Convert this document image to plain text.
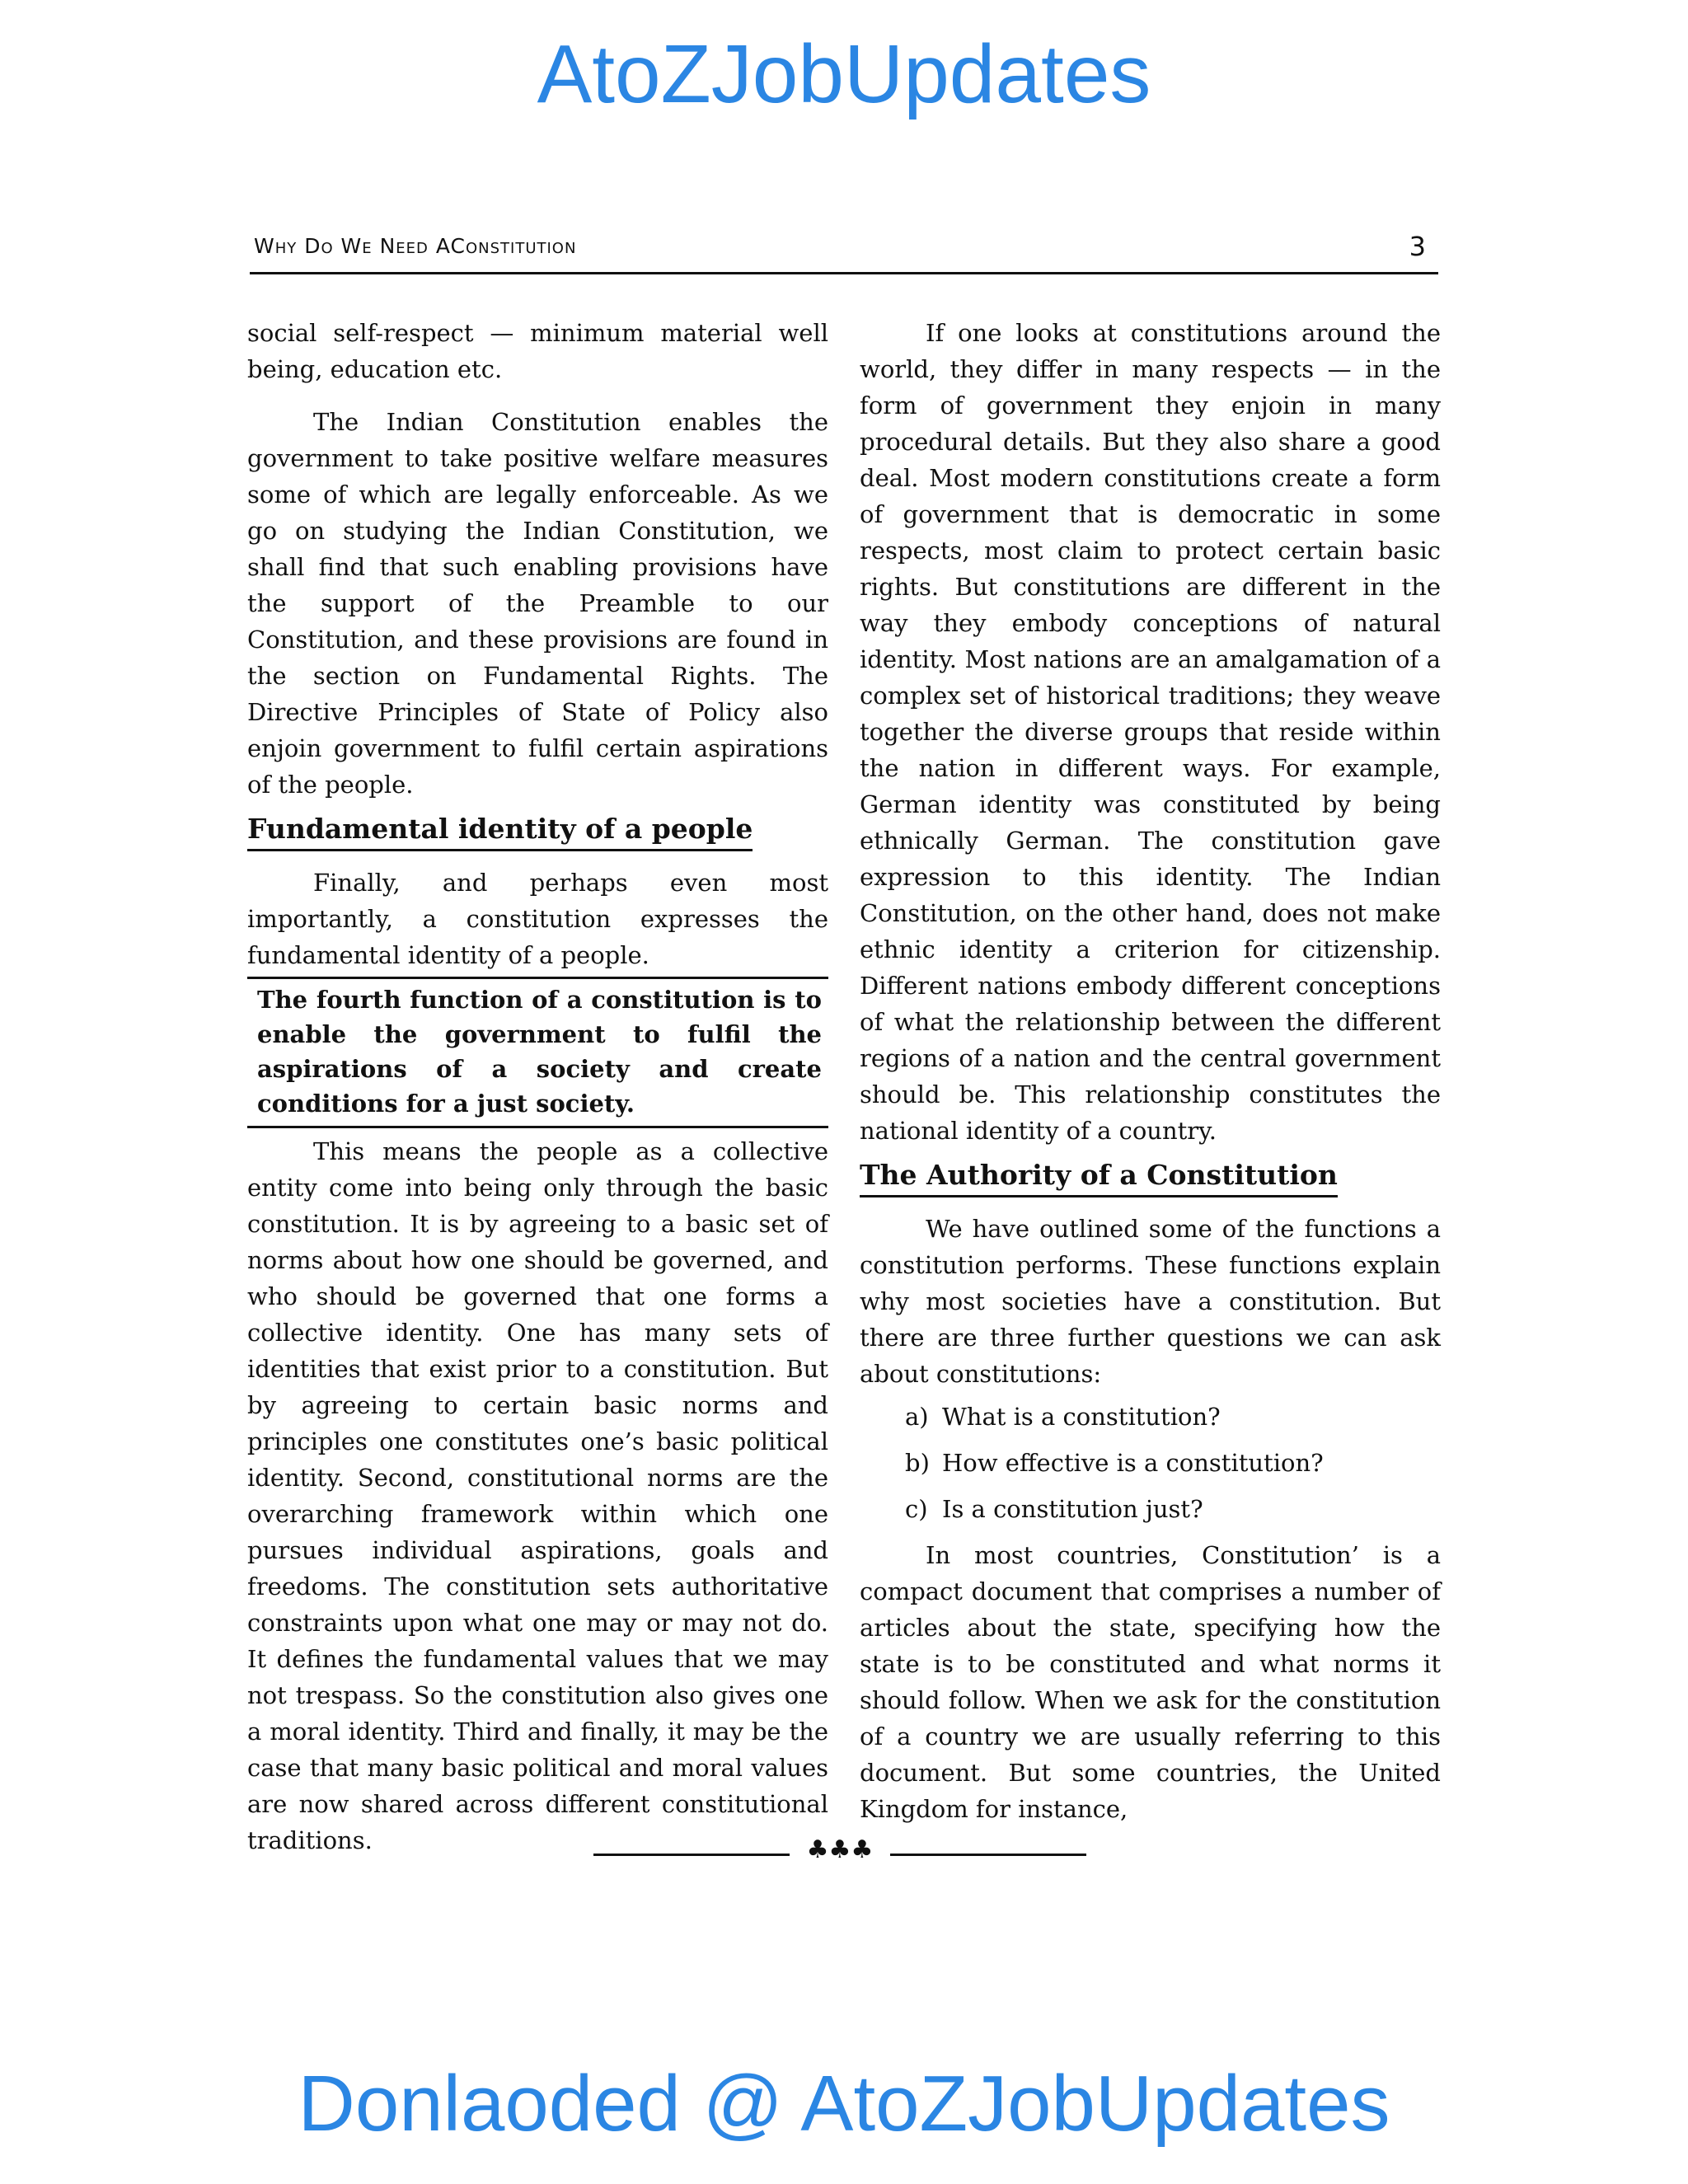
AtoZJobUpdates
Why Do We Need AConstitution	3

social self-respect — minimum material well being, education etc.

The Indian Constitution enables the government to take positive welfare measures some of which are legally enforceable. As we go on studying the Indian Constitution, we shall find that such enabling provisions have the support of the Preamble to our Constitution, and these provisions are found in the section on Fundamental Rights. The Directive Principles of State of Policy also enjoin government to fulfil certain aspirations of the people.

Fundamental identity of a people

Finally, and perhaps even most importantly, a constitution expresses the fundamental identity of a people.

The fourth function of a constitution is to enable the government to fulfil the aspirations of a society and create conditions for a just society.

This means the people as a collective entity come into being only through the basic constitution. It is by agreeing to a basic set of norms about how one should be governed, and who should be governed that one forms a collective identity. One has many sets of identities that exist prior to a constitution. But by agreeing to certain basic norms and principles one constitutes one’s basic political identity. Second, constitutional norms are the overarching framework within which one pursues individual aspirations, goals and freedoms. The constitution sets authoritative constraints upon what one may or may not do. It defines the fundamental values that we may not trespass. So the constitution also gives one a moral identity. Third and finally, it may be the case that many basic political and moral values are now shared across different constitutional traditions.

If one looks at constitutions around the world, they differ in many respects — in the form of government they enjoin in many procedural details. But they also share a good deal. Most modern constitutions create a form of government that is democratic in some respects, most claim to protect certain basic rights. But constitutions are different in the way they embody conceptions of natural identity. Most nations are an amalgamation of a complex set of historical traditions; they weave together the diverse groups that reside within the nation in different ways. For example, German identity was constituted by being ethnically German. The constitution gave expression to this identity. The Indian Constitution, on the other hand, does not make ethnic identity a criterion for citizenship. Different nations embody different conceptions of what the relationship between the different regions of a nation and the central government should be. This relationship constitutes the national identity of a country.

The Authority of a Constitution

We have outlined some of the functions a constitution performs. These functions explain why most societies have a constitution. But there are three further questions we can ask about constitutions:

a) What is a constitution?
b) How effective is a constitution?
c) Is a constitution just?

In most countries, Constitution’ is a compact document that comprises a number of articles about the state, specifying how the state is to be constituted and what norms it should follow. When we ask for the constitution of a country we are usually referring to this document. But some countries, the United Kingdom for instance,

♣♣♣
Donlaoded @ AtoZJobUpdates
